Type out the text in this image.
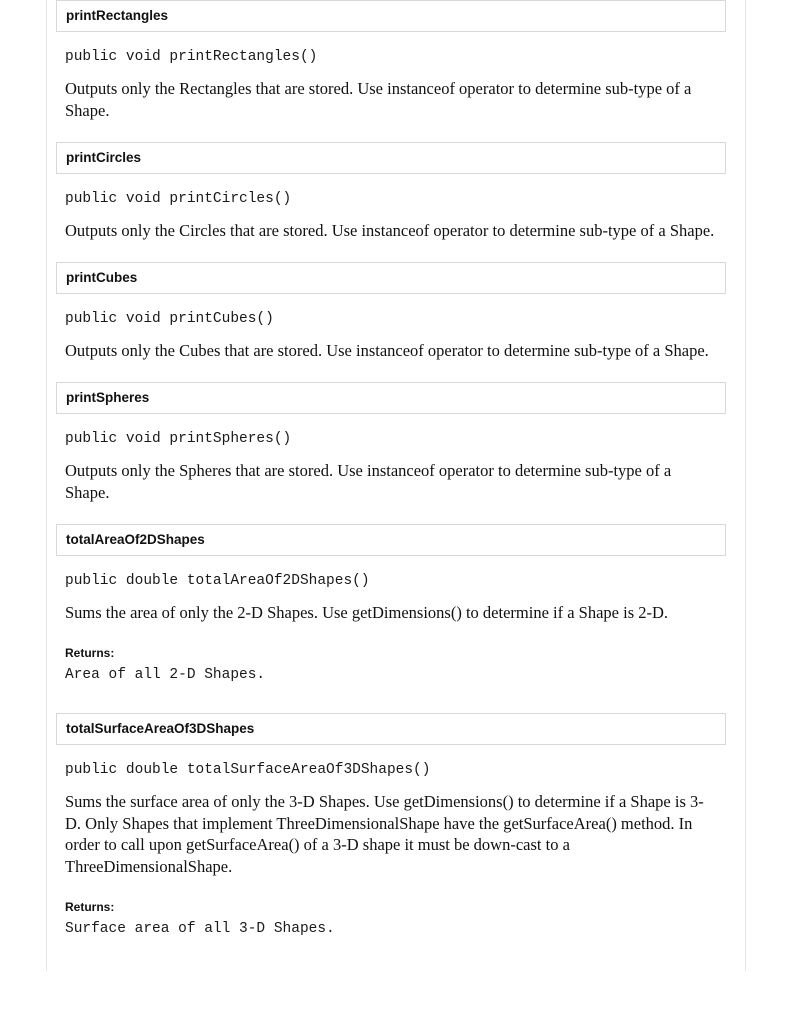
printRectangles
public void printRectangles()

Outputs only the Rectangles that are stored. Use instanceof operator to determine sub-type of a Shape.

printCircles
public void printCircles()

Outputs only the Circles that are stored. Use instanceof operator to determine sub-type of a Shape.

printCubes
public void printCubes()

Outputs only the Cubes that are stored. Use instanceof operator to determine sub-type of a Shape.

printSpheres
public void printSpheres()

Outputs only the Spheres that are stored. Use instanceof operator to determine sub-type of a Shape.

totalAreaOf2DShapes
public double totalAreaOf2DShapes()

Sums the area of only the 2-D Shapes. Use getDimensions() to determine if a Shape is 2-D.

Returns:
Area of all 2-D Shapes.
totalSurfaceAreaOf3DShapes
public double totalSurfaceAreaOf3DShapes()

Sums the surface area of only the 3-D Shapes. Use getDimensions() to determine if a Shape is 3-D. Only Shapes that implement ThreeDimensionalShape have the getSurfaceArea() method. In order to call upon getSurfaceArea() of a 3-D shape it must be down-cast to a ThreeDimensionalShape.

Returns:
Surface area of all 3-D Shapes.
